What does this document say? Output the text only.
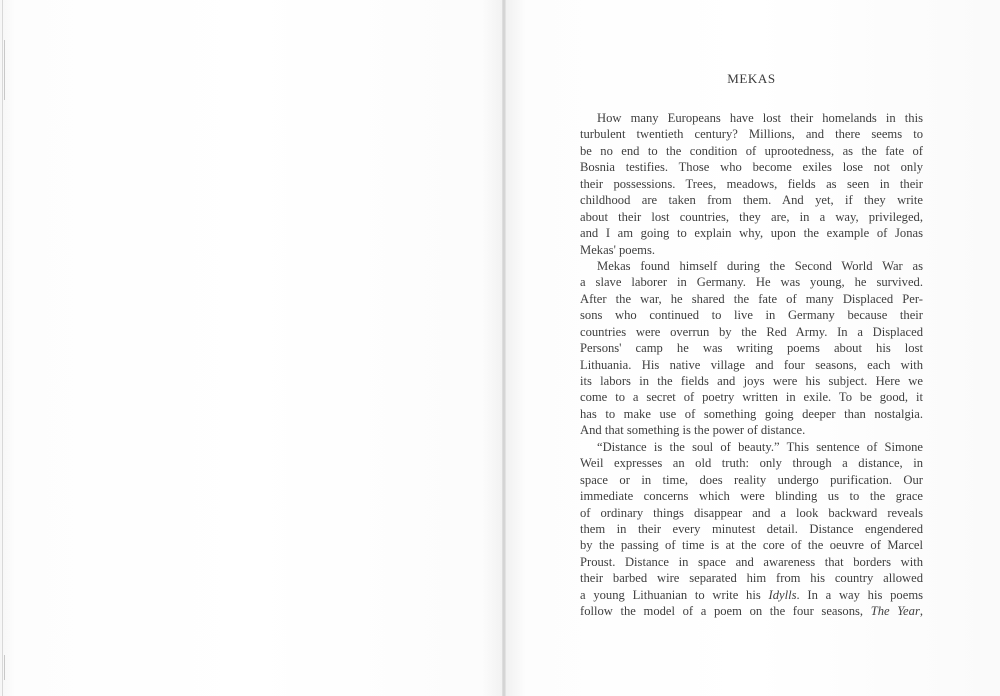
MEKAS
How many Europeans have lost their homelands in this
turbulent twentieth century? Millions, and there seems to
be no end to the condition of uprootedness, as the fate of
Bosnia testifies. Those who become exiles lose not only
their possessions. Trees, meadows, fields as seen in their
childhood are taken from them. And yet, if they write
about their lost countries, they are, in a way, privileged,
and I am going to explain why, upon the example of Jonas
Mekas' poems.
Mekas found himself during the Second World War as
a slave laborer in Germany. He was young, he survived.
After the war, he shared the fate of many Displaced Per-
sons who continued to live in Germany because their
countries were overrun by the Red Army. In a Displaced
Persons' camp he was writing poems about his lost
Lithuania. His native village and four seasons, each with
its labors in the fields and joys were his subject. Here we
come to a secret of poetry written in exile. To be good, it
has to make use of something going deeper than nostalgia.
And that something is the power of distance.
“Distance is the soul of beauty.” This sentence of Simone
Weil expresses an old truth: only through a distance, in
space or in time, does reality undergo purification. Our
immediate concerns which were blinding us to the grace
of ordinary things disappear and a look backward reveals
them in their every minutest detail. Distance engendered
by the passing of time is at the core of the oeuvre of Marcel
Proust. Distance in space and awareness that borders with
their barbed wire separated him from his country allowed
a young Lithuanian to write his Idylls. In a way his poems
follow the model of a poem on the four seasons, The Year,
